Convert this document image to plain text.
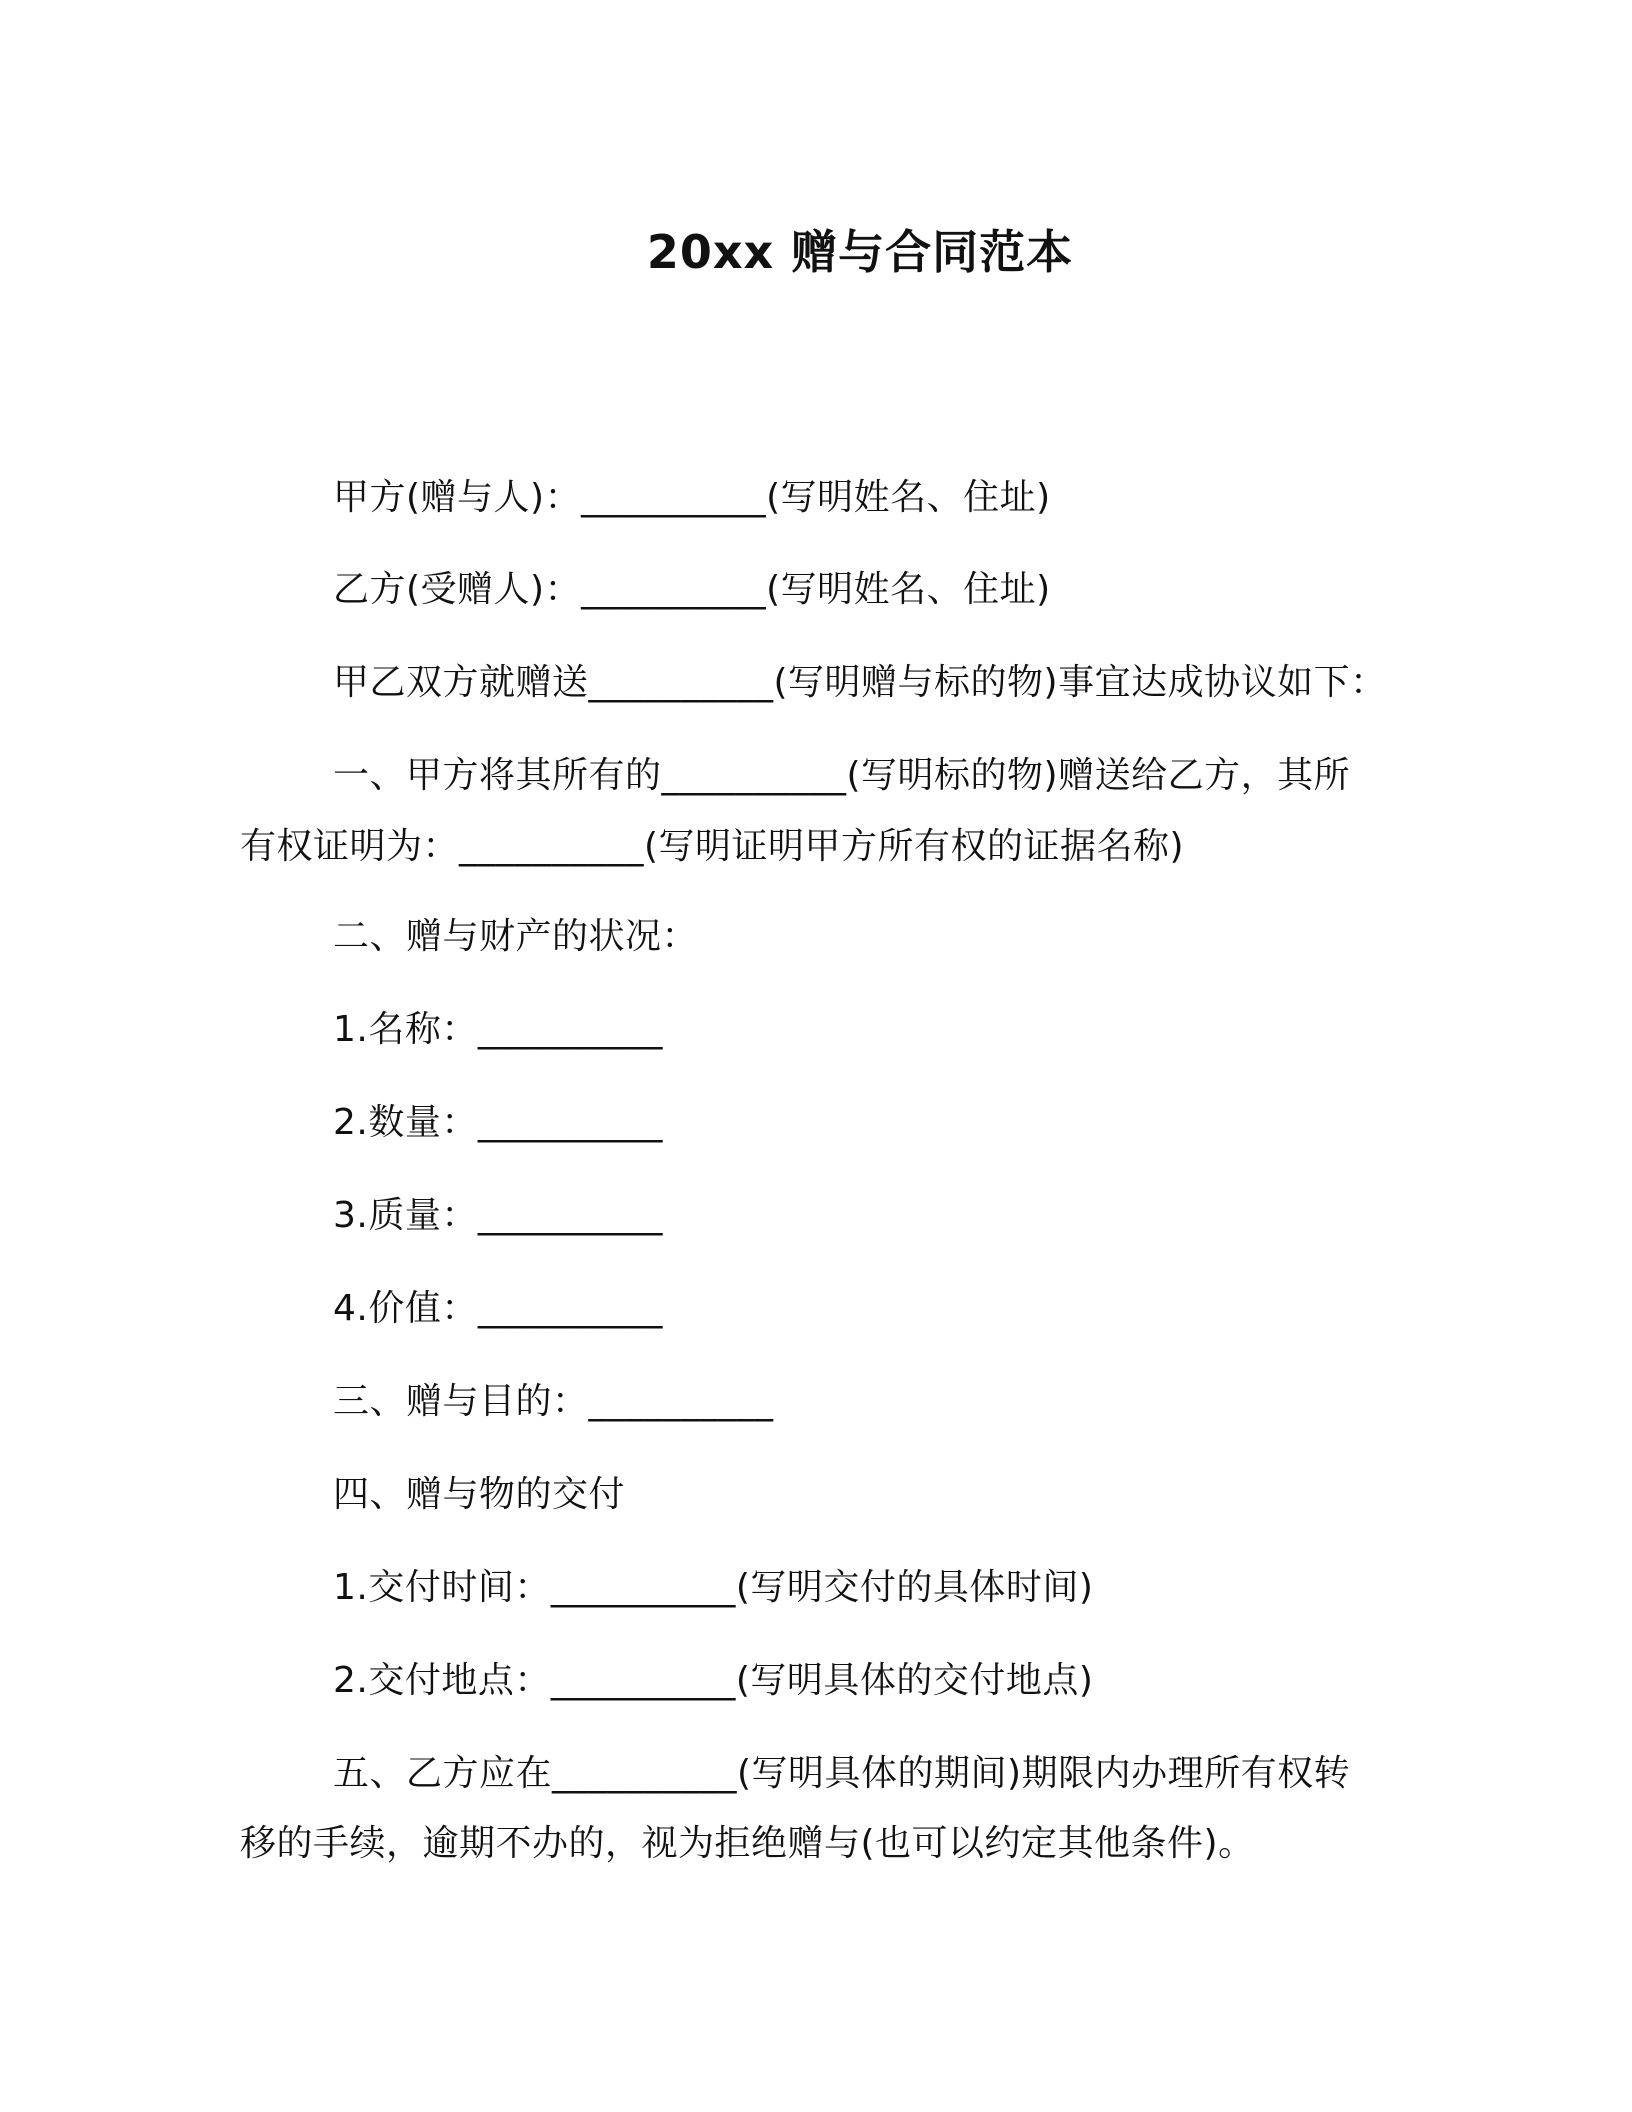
20xx 赠与合同范本
甲方(赠与人)：__________(写明姓名、住址)
乙方(受赠人)：__________(写明姓名、住址)
甲乙双方就赠送__________(写明赠与标的物)事宜达成协议如下：
一、甲方将其所有的__________(写明标的物)赠送给乙方，其所
有权证明为：__________(写明证明甲方所有权的证据名称)
二、赠与财产的状况：
1.名称：__________
2.数量：__________
3.质量：__________
4.价值：__________
三、赠与目的：__________
四、赠与物的交付
1.交付时间：__________(写明交付的具体时间)
2.交付地点：__________(写明具体的交付地点)
五、乙方应在__________(写明具体的期间)期限内办理所有权转
移的手续，逾期不办的，视为拒绝赠与(也可以约定其他条件)。
